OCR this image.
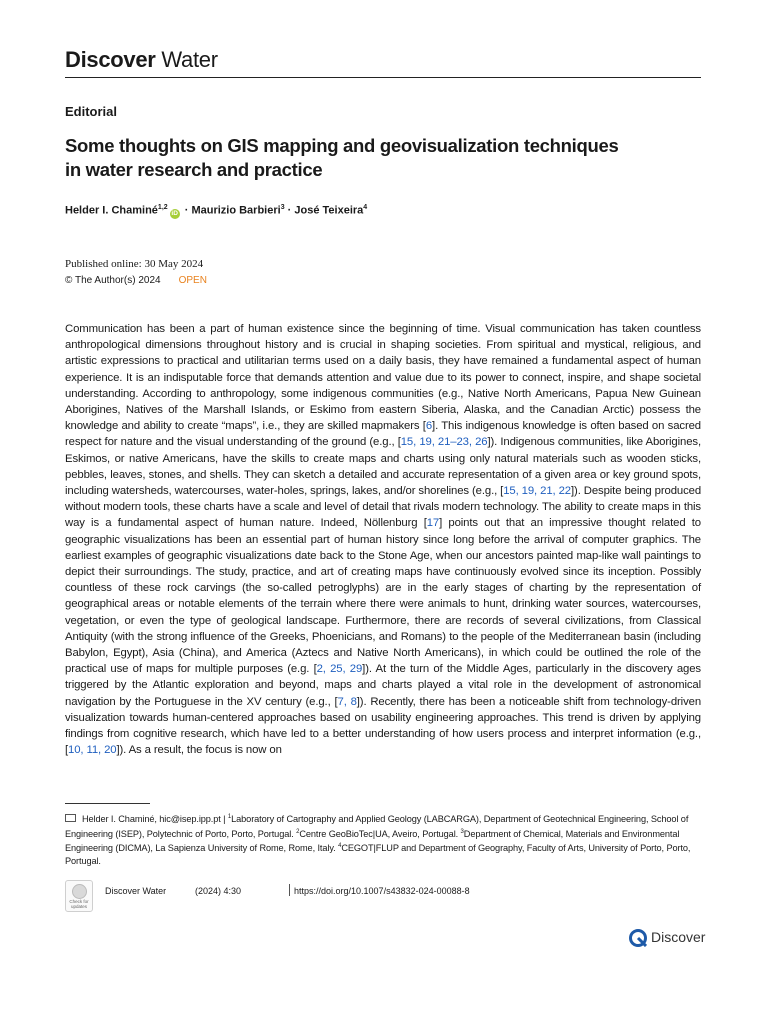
Discover Water
Editorial
Some thoughts on GIS mapping and geovisualization techniques
in water research and practice
Helder I. Chaminé$^{1,2}$iD · Maurizio Barbieri$^3$ · José Teixeira$^4$
Published online: 30 May 2024
© The Author(s) 2024 OPEN

Communication has been a part of human existence since the beginning of time. Visual communication has taken countless anthropological dimensions throughout history and is crucial in shaping societies. From spiritual and mystical, religious, and artistic expressions to practical and utilitarian terms used on a daily basis, they have remained a fundamental aspect of human experience. It is an indisputable force that demands attention and value due to its power to connect, inspire, and shape societal understanding. According to anthropology, some indigenous communities (e.g., Native North Americans, Papua New Guinean Aborigines, Natives of the Marshall Islands, or Eskimo from eastern Siberia, Alaska, and the Canadian Arctic) possess the knowledge and ability to create “maps”, i.e., they are skilled mapmakers [6]. This indigenous knowledge is often based on sacred respect for nature and the visual understanding of the ground (e.g., [15, 19, 21–23, 26]). Indigenous communities, like Aborigines, Eskimos, or native Americans, have the skills to create maps and charts using only natural materials such as wooden sticks, pebbles, leaves, stones, and shells. They can sketch a detailed and accurate representation of a given area or key ground spots, including watersheds, watercourses, water-holes, springs, lakes, and/or shorelines (e.g., [15, 19, 21, 22]). Despite being produced without modern tools, these charts have a scale and level of detail that rivals modern technology. The ability to create maps in this way is a fundamental aspect of human nature. Indeed, Nöllenburg [17] points out that an impressive thought related to geographic visualizations has been an essential part of human history since long before the arrival of computer graphics. The earliest examples of geographic visualizations date back to the Stone Age, when our ancestors painted map-like wall paintings to depict their surroundings. The study, practice, and art of creating maps have continuously evolved since its inception. Possibly countless of these rock carvings (the so-called petroglyphs) are in the early stages of charting by the representation of geographical areas or notable elements of the terrain where there were animals to hunt, drinking water sources, watercourses, vegetation, or even the type of geological landscape. Furthermore, there are records of several civilizations, from Classical Antiquity (with the strong influence of the Greeks, Phoenicians, and Romans) to the people of the Mediterranean basin (including Babylon, Egypt), Asia (China), and America (Aztecs and Native North Americans), in which could be outlined the role of the practical use of maps for multiple purposes (e.g. [2, 25, 29]). At the turn of the Middle Ages, particularly in the discovery ages triggered by the Atlantic exploration and beyond, maps and charts played a vital role in the development of astronomical navigation by the Portuguese in the XV century (e.g., [7, 8]). Recently, there has been a noticeable shift from technology-driven visualization towards human-centered approaches based on usability engineering approaches. This trend is driven by applying findings from cognitive research, which have led to a better understanding of how users process and interpret information (e.g., [10, 11, 20]). As a result, the focus is now on

Helder I. Chaminé, hic@isep.ipp.pt | $^1$Laboratory of Cartography and Applied Geology (LABCARGA), Department of Geotechnical Engineering, School of Engineering (ISEP), Polytechnic of Porto, Porto, Portugal. $^2$Centre GeoBioTec|UA, Aveiro, Portugal. $^3$Department of Chemical, Materials and Environmental Engineering (DICMA), La Sapienza University of Rome, Rome, Italy. $^4$CEGOT|FLUP and Department of Geography, Faculty of Arts, University of Porto, Porto, Portugal.
Check for updates
Discover Water	(2024) 4:30	https://doi.org/10.1007/s43832-024-00088-8
Discover
